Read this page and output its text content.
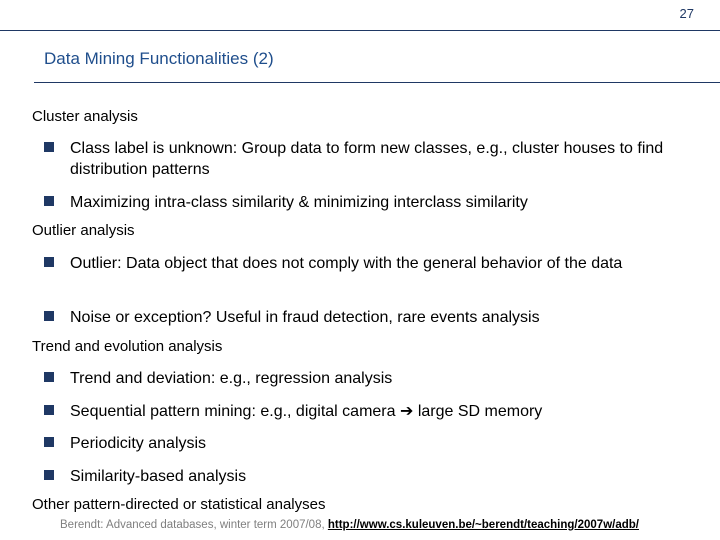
27
Data Mining Functionalities (2)
Cluster analysis
Class label is unknown: Group data to form new classes, e.g., cluster houses to find distribution patterns
Maximizing intra-class similarity & minimizing interclass similarity
Outlier analysis
Outlier: Data object that does not comply with the general behavior of the data
Noise or exception? Useful in fraud detection, rare events analysis
Trend and evolution analysis
Trend and deviation: e.g., regression analysis
Sequential pattern mining: e.g., digital camera ➔ large SD memory
Periodicity analysis
Similarity-based analysis
Other pattern-directed or statistical analyses
Berendt: Advanced databases, winter term 2007/08, http://www.cs.kuleuven.be/~berendt/teaching/2007w/adb/
